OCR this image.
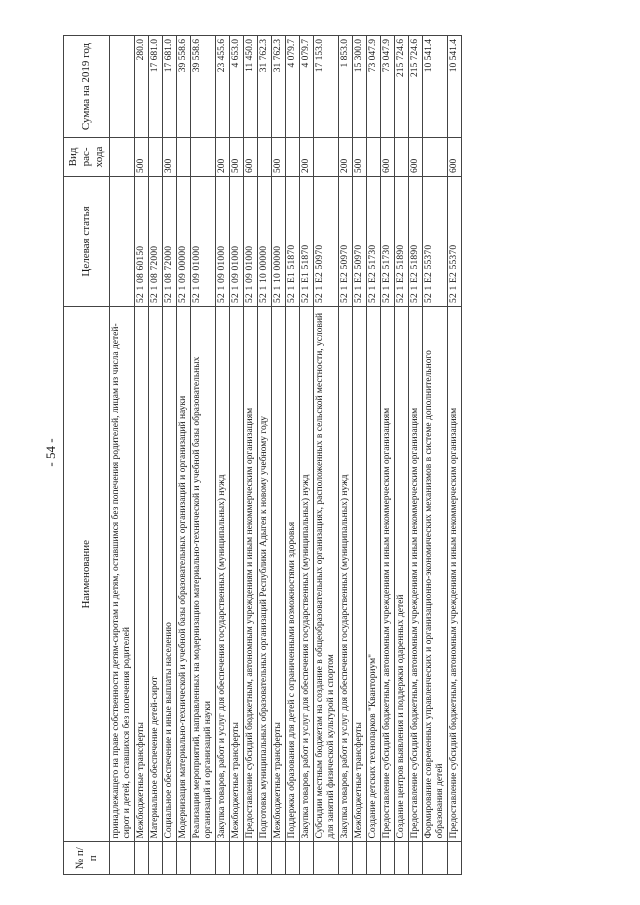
- 54 -
№ п/п	Наименование	Целевая статья	Вид рас-хода	Сумма на 2019 год
	принадлежащего на праве собственности детям-сиротам и детям, оставшимся без попечения родителей, лицам из числа детей-сирот и детей, оставшихся без попечения родителей			
	Межбюджетные трансферты	52 1 08 60150	500	280.0
	Материальное обеспечение детей-сирот	52 1 08 72000		17 681.0
	Социальное обеспечение и иные выплаты населению	52 1 08 72000	300	17 681.0
	Модернизация материально-технической и учебной базы образовательных организаций и организаций науки	52 1 09 00000		39 558.6
	Реализация мероприятий, направленных на модернизацию материально-технической и учебной базы образовательных организаций и организаций науки	52 1 09 01000		39 558.6
	Закупка товаров, работ и услуг для обеспечения государственных (муниципальных) нужд	52 1 09 01000	200	23 455.6
	Межбюджетные трансферты	52 1 09 01000	500	4 653.0
	Предоставление субсидий бюджетным, автономным учреждениям и иным некоммерческим организациям	52 1 09 01000	600	11 450.0
	Подготовка муниципальных образовательных организаций Республики Адыгея к новому учебному году	52 1 10 00000		31 762.3
	Межбюджетные трансферты	52 1 10 00000	500	31 762.3
	Поддержка образования для детей с ограниченными возможностями здоровья	52 1 E1 51870		4 079.7
	Закупка товаров, работ и услуг для обеспечения государственных (муниципальных) нужд	52 1 E1 51870	200	4 079.7
	Субсидии местным бюджетам на создание в общеобразовательных организациях, расположенных в сельской местности, условий для занятий физической культурой и спортом	52 1 E2 50970		17 153.0
	Закупка товаров, работ и услуг для обеспечения государственных (муниципальных) нужд	52 1 E2 50970	200	1 853.0
	Межбюджетные трансферты	52 1 E2 50970	500	15 300.0
	Создание детских технопарков "Кванториум"	52 1 E2 51730		73 047.9
	Предоставление субсидий бюджетным, автономным учреждениям и иным некоммерческим организациям	52 1 E2 51730	600	73 047.9
	Создание центров выявления и поддержки одаренных детей	52 1 E2 51890		215 724.6
	Предоставление субсидий бюджетным, автономным учреждениям и иным некоммерческим организациям	52 1 E2 51890	600	215 724.6
	Формирование современных управленческих и организационно-экономических механизмов в системе дополнительного образования детей	52 1 E2 55370		10 541.4
	Предоставление субсидий бюджетным, автономным учреждениям и иным некоммерческим организациям	52 1 E2 55370	600	10 541.4
